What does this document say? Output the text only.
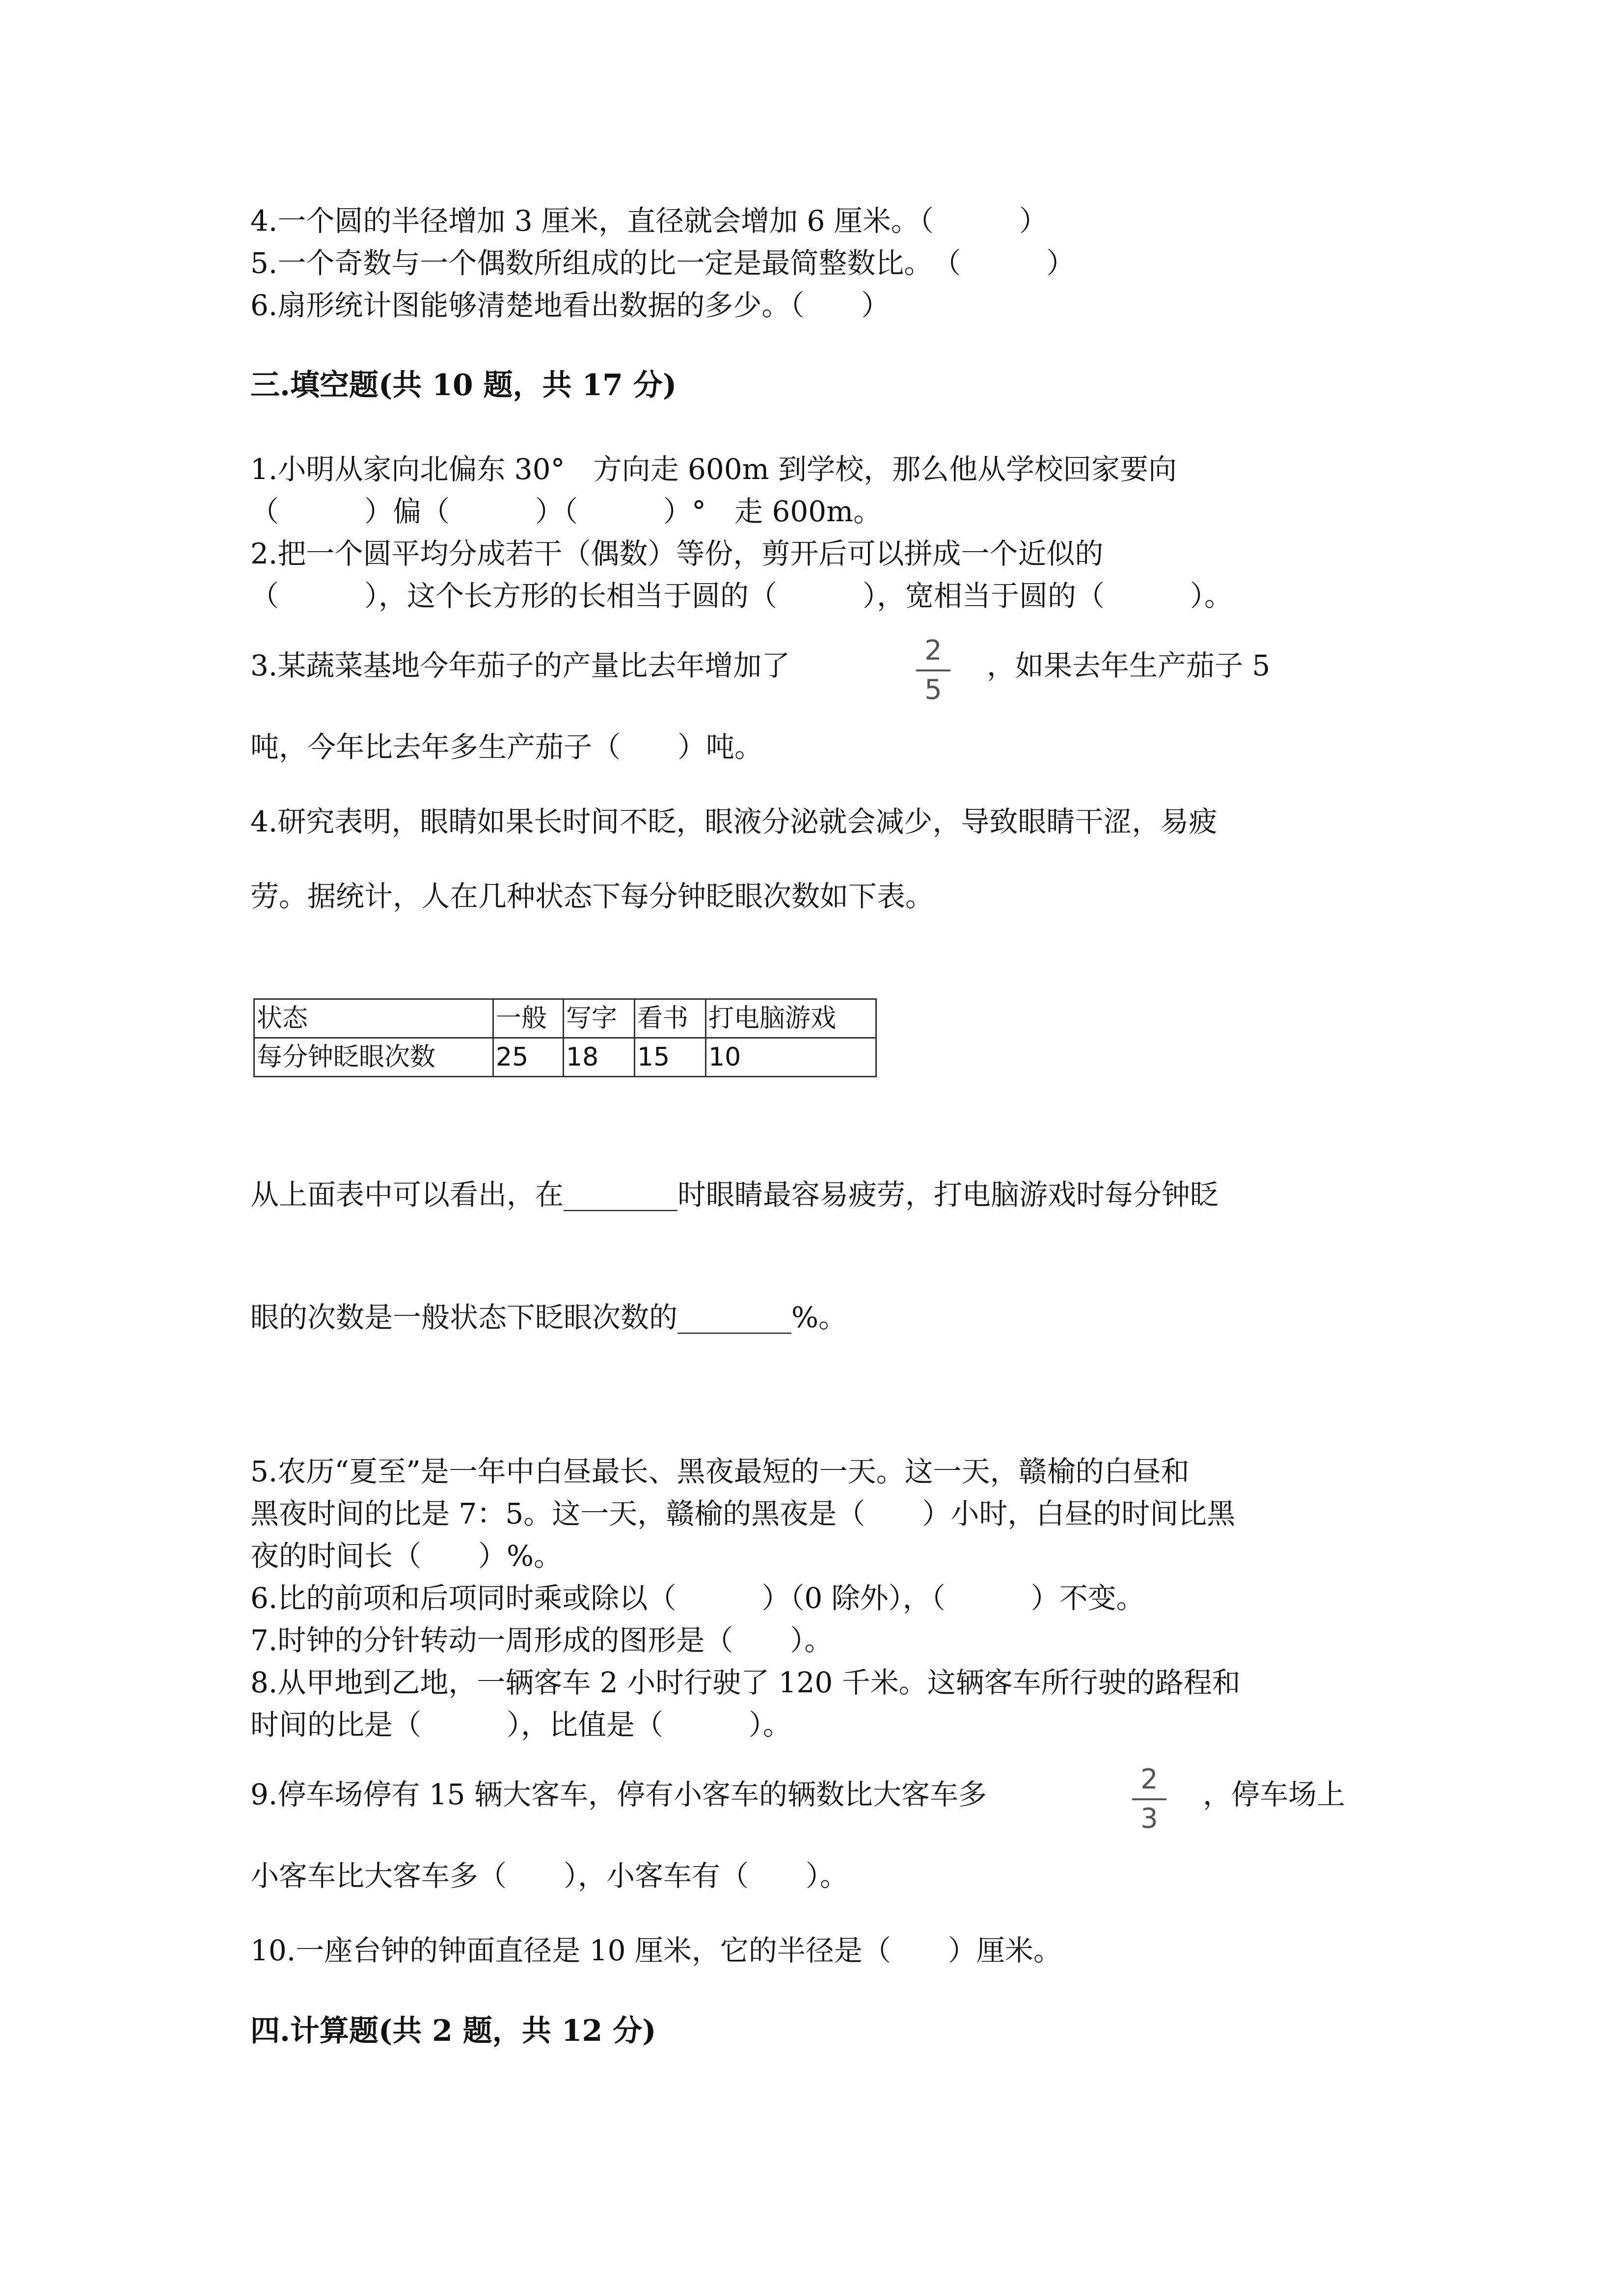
4.一个圆的半径增加 3 厘米，直径就会增加 6 厘米。（　　　）
5.一个奇数与一个偶数所组成的比一定是最简整数比。　（　　　）
6.扇形统计图能够清楚地看出数据的多少。（　　）
三.填空题(共 10 题，共 17 分)
1.小明从家向北偏东 30°　方向走 600m 到学校，那么他从学校回家要向
（　　　）偏（　　　）（　　　）°　走 600m。
2.把一个圆平均分成若干（偶数）等份，剪开后可以拼成一个近似的
（　　　），这个长方形的长相当于圆的（　　　），宽相当于圆的（　　　）。
3.某蔬菜基地今年茄子的产量比去年增加了	2
5
，如果去年生产茄子 5
吨，今年比去年多生产茄子（　　）吨。
4.研究表明，眼睛如果长时间不眨，眼液分泌就会减少，导致眼睛干涩，易疲
劳。据统计，人在几种状态下每分钟眨眼次数如下表。
状态	一般	写字	看书	打电脑游戏
每分钟眨眼次数	25	18	15	10
从上面表中可以看出，在________时眼睛最容易疲劳，打电脑游戏时每分钟眨
眼的次数是一般状态下眨眼次数的________%。
5.农历“夏至”是一年中白昼最长、黑夜最短的一天。这一天，赣榆的白昼和
黑夜时间的比是 7：5。这一天，赣榆的黑夜是（　　）小时，白昼的时间比黑
夜的时间长（　　）%。
6.比的前项和后项同时乘或除以（　　　）（0 除外），（　　　）不变。
7.时钟的分针转动一周形成的图形是（　　）。
8.从甲地到乙地，一辆客车 2 小时行驶了 120 千米。这辆客车所行驶的路程和
时间的比是（　　　），比值是（　　　）。
9.停车场停有 15 辆大客车，停有小客车的辆数比大客车多	2
3
，停车场上
小客车比大客车多（　　），小客车有（　　）。
10.一座台钟的钟面直径是 10 厘米，它的半径是（　　）厘米。
四.计算题(共 2 题，共 12 分)
